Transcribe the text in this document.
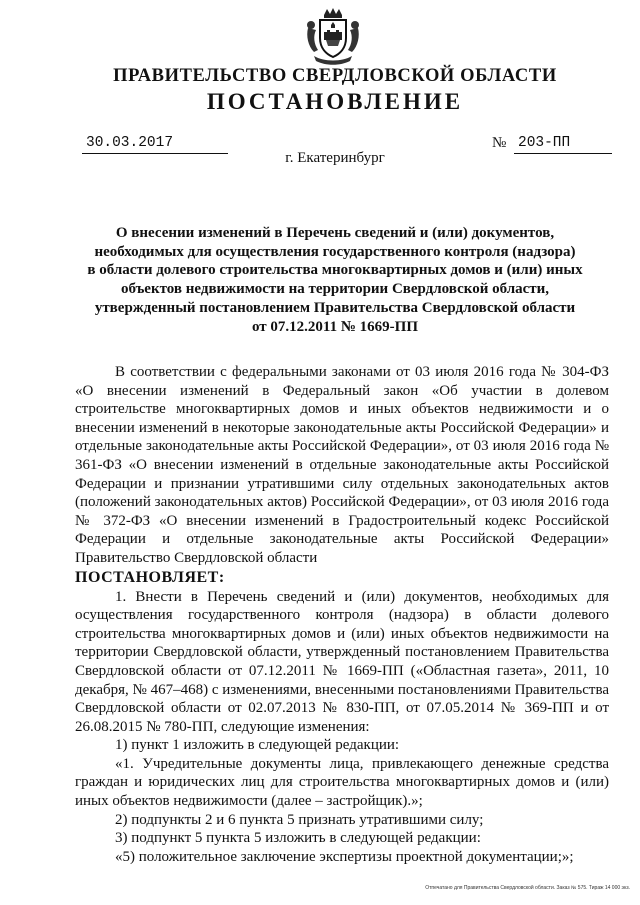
ПРАВИТЕЛЬСТВО СВЕРДЛОВСКОЙ ОБЛАСТИ
ПОСТАНОВЛЕНИЕ
30.03.2017	№ 203-ПП
г. Екатеринбург
О внесении изменений в Перечень сведений и (или) документов,
необходимых для осуществления государственного контроля (надзора)
в области долевого строительства многоквартирных домов и (или) иных
объектов недвижимости на территории Свердловской области,
утвержденный постановлением Правительства Свердловской области
от 07.12.2011 № 1669-ПП

В соответствии с федеральными законами от 03 июля 2016 года № 304-ФЗ «О внесении изменений в Федеральный закон «Об участии в долевом строительстве многоквартирных домов и иных объектов недвижимости и о внесении изменений в некоторые законодательные акты Российской Федерации» и отдельные законодательные акты Российской Федерации», от 03 июля 2016 года № 361-ФЗ «О внесении изменений в отдельные законодательные акты Российской Федерации и признании утратившими силу отдельных законодательных актов (положений законодательных актов) Российской Федерации», от 03 июля 2016 года № 372-ФЗ «О внесении изменений в Градостроительный кодекс Российской Федерации и отдельные законодательные акты Российской Федерации» Правительство Свердловской области

ПОСТАНОВЛЯЕТ:

1. Внести в Перечень сведений и (или) документов, необходимых для осуществления государственного контроля (надзора) в области долевого строительства многоквартирных домов и (или) иных объектов недвижимости на территории Свердловской области, утвержденный постановлением Правительства Свердловской области от 07.12.2011 № 1669-ПП («Областная газета», 2011, 10 декабря, № 467–468) с изменениями, внесенными постановлениями Правительства Свердловской области от 02.07.2013 № 830-ПП, от 07.05.2014 № 369-ПП и от 26.08.2015 № 780-ПП, следующие изменения:

1) пункт 1 изложить в следующей редакции:

«1. Учредительные документы лица, привлекающего денежные средства граждан и юридических лиц для строительства многоквартирных домов и (или) иных объектов недвижимости (далее – застройщик).»;

2) подпункты 2 и 6 пункта 5 признать утратившими силу;

3) подпункт 5 пункта 5 изложить в следующей редакции:

«5) положительное заключение экспертизы проектной документации;»;

Отпечатано для Правительства Свердловской области. Заказ № 575. Тираж 14 000 экз.
